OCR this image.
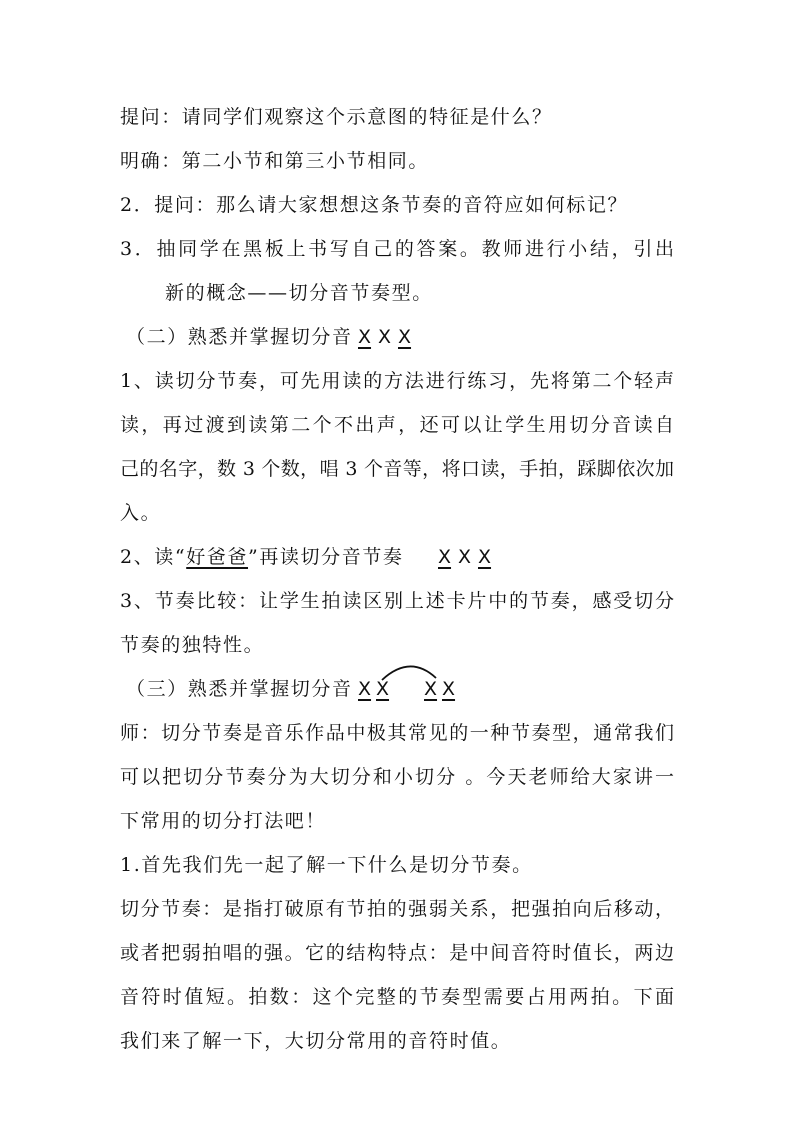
提问：请同学们观察这个示意图的特征是什么？
明确：第二小节和第三小节相同。
2．提问：那么请大家想想这条节奏的音符应如何标记？
3．抽同学在黑板上书写自己的答案。教师进行小结，引出
新的概念——切分音节奏型。
（二）熟悉并掌握切分音 X X X
1、读切分节奏，可先用读的方法进行练习，先将第二个轻声
读，再过渡到读第二个不出声，还可以让学生用切分音读自
己的名字，数 3 个数，唱 3 个音等，将口读，手拍，踩脚依次加
入。
2、读“好爸爸”再读切分音节奏 X X X
3、节奏比较：让学生拍读区别上述卡片中的节奏，感受切分
节奏的独特性。
（三）熟悉并掌握切分音 X X X X
师：切分节奏是音乐作品中极其常见的一种节奏型，通常我们
可以把切分节奏分为大切分和小切分 。今天老师给大家讲一
下常用的切分打法吧！
1.首先我们先一起了解一下什么是切分节奏。
切分节奏：是指打破原有节拍的强弱关系，把强拍向后移动，
或者把弱拍唱的强。它的结构特点：是中间音符时值长，两边
音符时值短。拍数：这个完整的节奏型需要占用两拍。下面
我们来了解一下，大切分常用的音符时值。
